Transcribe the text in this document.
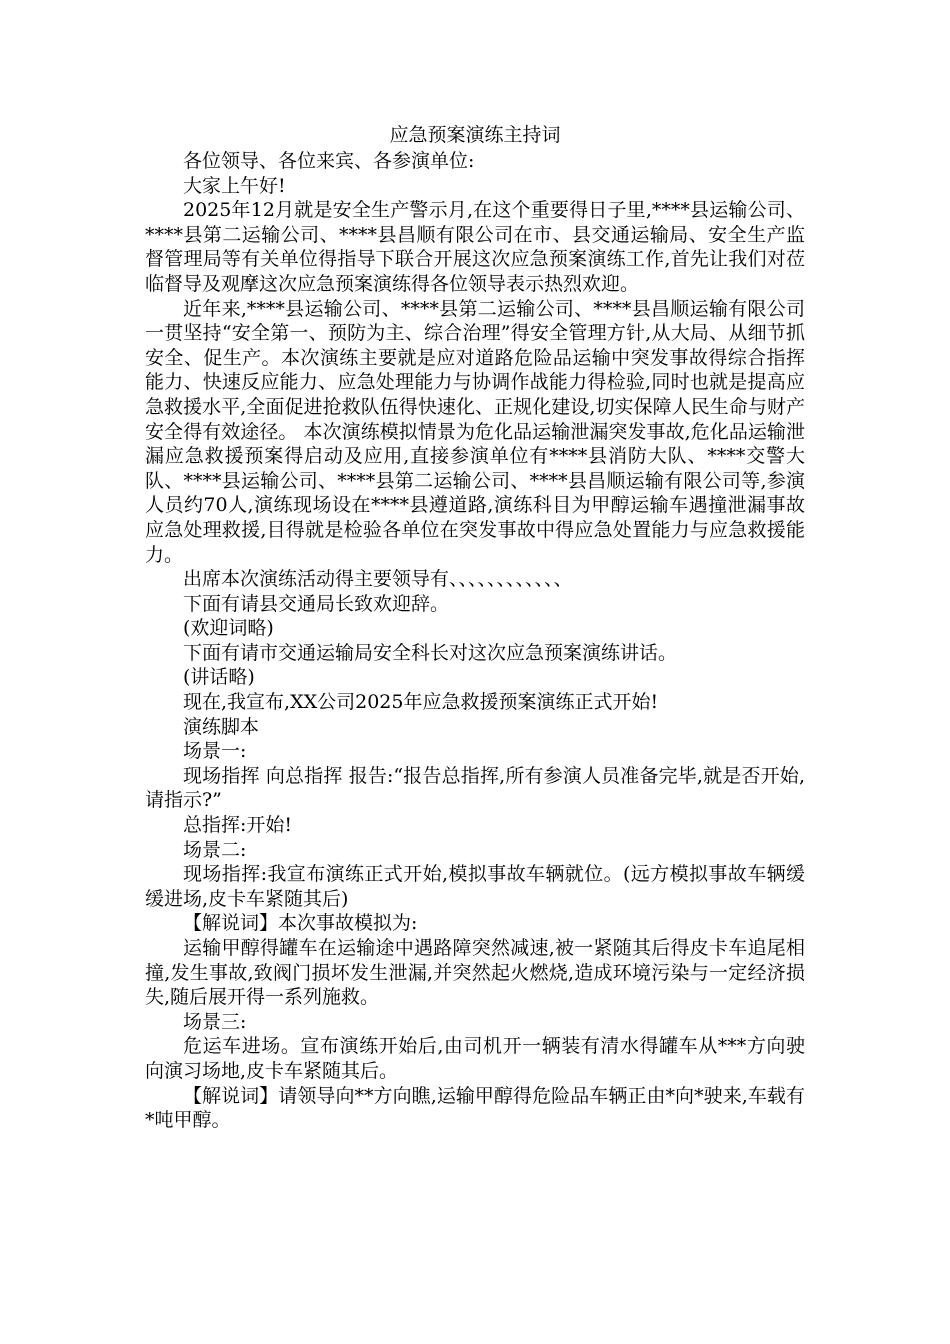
应急预案演练主持词

各位领导、各位来宾、各参演单位:

大家上午好!

2025年12月就是安全生产警示月,在这个重要得日子里,****县运输公司、****县第二运输公司、****县昌顺有限公司在市、县交通运输局、安全生产监督管理局等有关单位得指导下联合开展这次应急预案演练工作,首先让我们对莅临督导及观摩这次应急预案演练得各位领导表示热烈欢迎。

近年来,****县运输公司、****县第二运输公司、****县昌顺运输有限公司一贯坚持“安全第一、预防为主、综合治理”得安全管理方针,从大局、从细节抓安全、促生产。本次演练主要就是应对道路危险品运输中突发事故得综合指挥能力、快速反应能力、应急处理能力与协调作战能力得检验,同时也就是提高应急救援水平,全面促进抢救队伍得快速化、正规化建设,切实保障人民生命与财产安全得有效途径。 本次演练模拟情景为危化品运输泄漏突发事故,危化品运输泄漏应急救援预案得启动及应用,直接参演单位有****县消防大队、****交警大队、****县运输公司、****县第二运输公司、****县昌顺运输有限公司等,参演人员约70人,演练现场设在****县遵道路,演练科目为甲醇运输车遇撞泄漏事故应急处理救援,目得就是检验各单位在突发事故中得应急处置能力与应急救援能力。

出席本次演练活动得主要领导有、、、、、、、、、、、、

下面有请县交通局长致欢迎辞。

(欢迎词略)

下面有请市交通运输局安全科长对这次应急预案演练讲话。

(讲话略)

现在,我宣布,XX公司2025年应急救援预案演练正式开始!

演练脚本

场景一:

现场指挥 向总指挥 报告:“报告总指挥,所有参演人员准备完毕,就是否开始,请指示?”

总指挥:开始!

场景二:

现场指挥:我宣布演练正式开始,模拟事故车辆就位。(远方模拟事故车辆缓缓进场,皮卡车紧随其后)

【解说词】本次事故模拟为:

运输甲醇得罐车在运输途中遇路障突然减速,被一紧随其后得皮卡车追尾相撞,发生事故,致阀门损坏发生泄漏,并突然起火燃烧,造成环境污染与一定经济损失,随后展开得一系列施救。

场景三:

危运车进场。宣布演练开始后,由司机开一辆装有清水得罐车从***方向驶向演习场地,皮卡车紧随其后。

【解说词】请领导向**方向瞧,运输甲醇得危险品车辆正由*向*驶来,车载有*吨甲醇。
